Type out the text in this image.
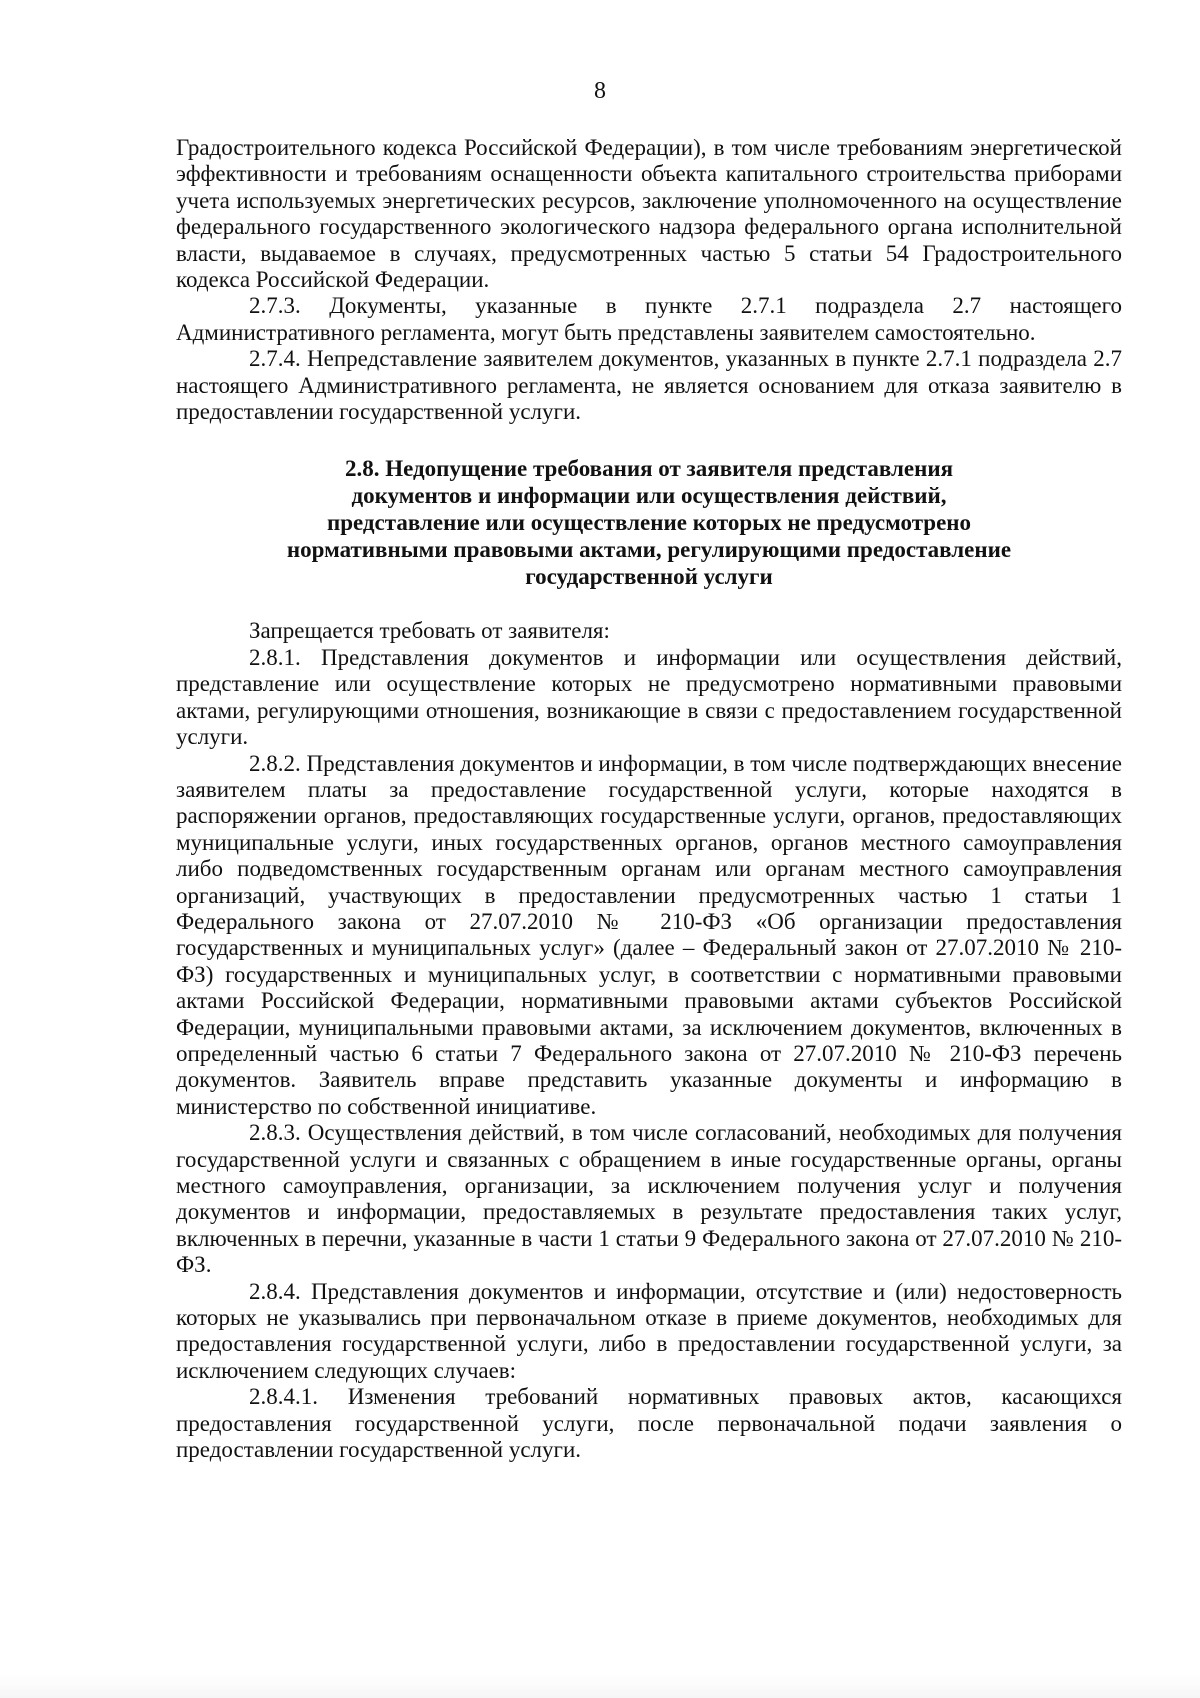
8

Градостроительного кодекса Российской Федерации), в том числе требованиям энергетической эффективности и требованиям оснащенности объекта капитального строительства приборами учета используемых энергетических ресурсов, заключение уполномоченного на осуществление федерального государственного экологического надзора федерального органа исполнительной власти, выдаваемое в случаях, предусмотренных частью 5 статьи 54 Градостроительного кодекса Российской Федерации.

2.7.3. Документы, указанные в пункте 2.7.1 подраздела 2.7 настоящего Административного регламента, могут быть представлены заявителем самостоятельно.

2.7.4. Непредставление заявителем документов, указанных в пункте 2.7.1 подраздела 2.7 настоящего Административного регламента, не является основанием для отказа заявителю в предоставлении государственной услуги.

2.8. Недопущение требования от заявителя представления
документов и информации или осуществления действий,
представление или осуществление которых не предусмотрено
нормативными правовыми актами, регулирующими предоставление
государственной услуги

Запрещается требовать от заявителя:

2.8.1. Представления документов и информации или осуществления действий, представление или осуществление которых не предусмотрено нормативными правовыми актами, регулирующими отношения, возникающие в связи с предоставлением государственной услуги.

2.8.2. Представления документов и информации, в том числе подтверждающих внесение заявителем платы за предоставление государственной услуги, которые находятся в распоряжении органов, предоставляющих государственные услуги, органов, предоставляющих муниципальные услуги, иных государственных органов, органов местного самоуправления либо подведомственных государственным органам или органам местного самоуправления организаций, участвующих в предоставлении предусмотренных частью 1 статьи 1 Федерального закона от 27.07.2010 № 210-ФЗ «Об организации предоставления государственных и муниципальных услуг» (далее – Федеральный закон от 27.07.2010 № 210-ФЗ) государственных и муниципальных услуг, в соответствии с нормативными правовыми актами Российской Федерации, нормативными правовыми актами субъектов Российской Федерации, муниципальными правовыми актами, за исключением документов, включенных в определенный частью 6 статьи 7 Федерального закона от 27.07.2010 № 210-ФЗ перечень документов. Заявитель вправе представить указанные документы и информацию в министерство по собственной инициативе.

2.8.3. Осуществления действий, в том числе согласований, необходимых для получения государственной услуги и связанных с обращением в иные государственные органы, органы местного самоуправления, организации, за исключением получения услуг и получения документов и информации, предоставляемых в результате предоставления таких услуг, включенных в перечни, указанные в части 1 статьи 9 Федерального закона от 27.07.2010 № 210-ФЗ.

2.8.4. Представления документов и информации, отсутствие и (или) недостоверность которых не указывались при первоначальном отказе в приеме документов, необходимых для предоставления государственной услуги, либо в предоставлении государственной услуги, за исключением следующих случаев:

2.8.4.1. Изменения требований нормативных правовых актов, касающихся предоставления государственной услуги, после первоначальной подачи заявления о предоставлении государственной услуги.
